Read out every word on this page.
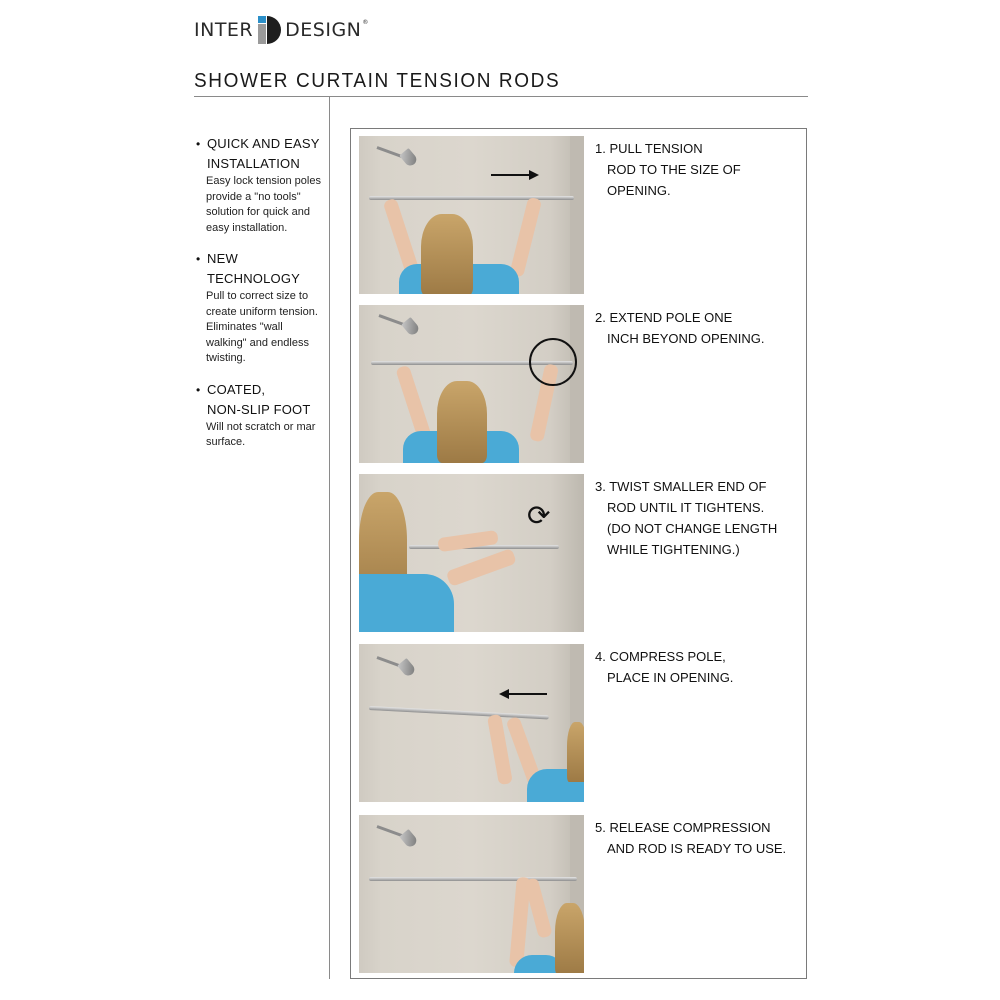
INTER DESIGN®
SHOWER CURTAIN TENSION RODS
• QUICK AND EASY
INSTALLATION
Easy lock tension poles provide a "no tools" solution for quick and easy installation.
• NEW
TECHNOLOGY
Pull to correct size to create uniform tension. Eliminates "wall walking" and endless twisting.
• COATED,
NON-SLIP FOOT
Will not scratch or mar surface.
1. PULL TENSION
ROD TO THE SIZE OF
OPENING.
2. EXTEND POLE ONE
INCH BEYOND OPENING.
⟳
3. TWIST SMALLER END OF
ROD UNTIL IT TIGHTENS.
(DO NOT CHANGE LENGTH
WHILE TIGHTENING.)
4. COMPRESS POLE,
PLACE IN OPENING.
5. RELEASE COMPRESSION
AND ROD IS READY TO USE.
